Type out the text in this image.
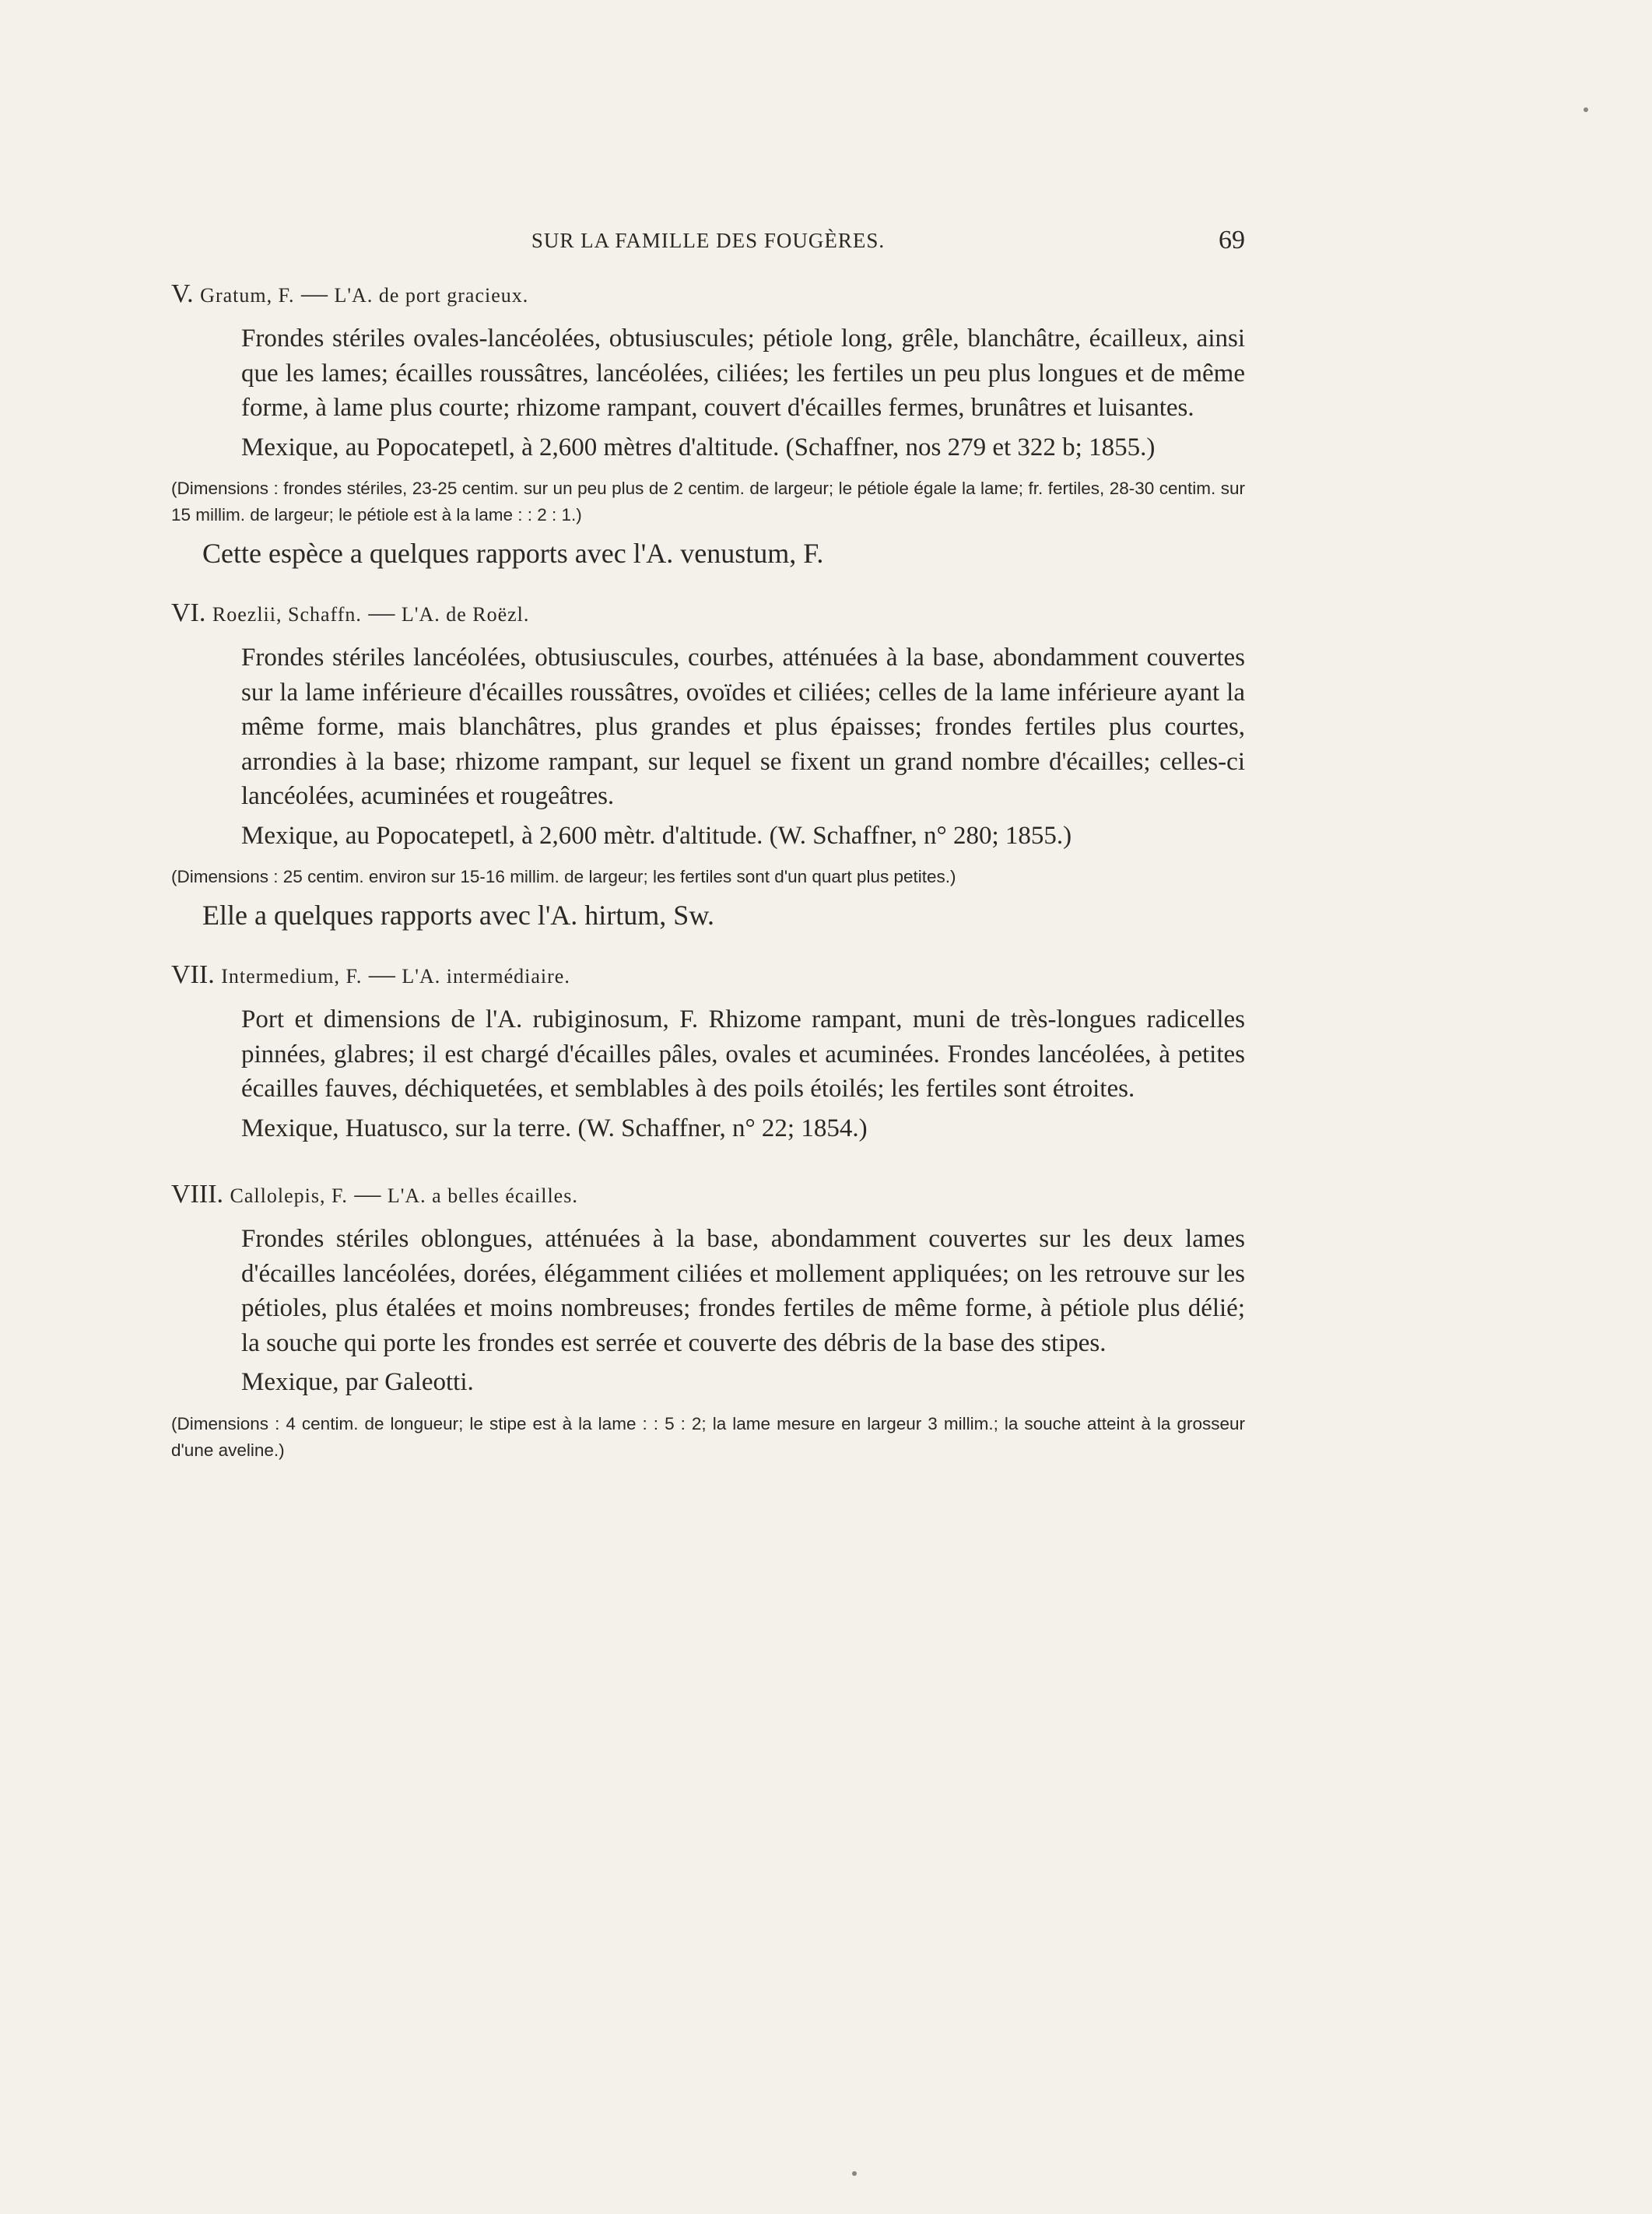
SUR LA FAMILLE DES FOUGÈRES.	69
V. Gratum, F. — L'A. de port gracieux.

Frondes stériles ovales-lancéolées, obtusiuscules; pétiole long, grêle, blanchâtre, écailleux, ainsi que les lames; écailles roussâtres, lancéolées, ciliées; les fertiles un peu plus longues et de même forme, à lame plus courte; rhizome rampant, couvert d'écailles fermes, brunâtres et luisantes.

Mexique, au Popocatepetl, à 2,600 mètres d'altitude. (Schaffner, nos 279 et 322 b; 1855.)

(Dimensions : frondes stériles, 23-25 centim. sur un peu plus de 2 centim. de largeur; le pétiole égale la lame; fr. fertiles, 28-30 centim. sur 15 millim. de largeur; le pétiole est à la lame : : 2 : 1.)

Cette espèce a quelques rapports avec l'A. venustum, F.

VI. Roezlii, Schaffn. — L'A. de Roëzl.

Frondes stériles lancéolées, obtusiuscules, courbes, atténuées à la base, abondamment couvertes sur la lame inférieure d'écailles roussâtres, ovoïdes et ciliées; celles de la lame inférieure ayant la même forme, mais blanchâtres, plus grandes et plus épaisses; frondes fertiles plus courtes, arrondies à la base; rhizome rampant, sur lequel se fixent un grand nombre d'écailles; celles-ci lancéolées, acuminées et rougeâtres.

Mexique, au Popocatepetl, à 2,600 mètr. d'altitude. (W. Schaffner, n° 280; 1855.)

(Dimensions : 25 centim. environ sur 15-16 millim. de largeur; les fertiles sont d'un quart plus petites.)

Elle a quelques rapports avec l'A. hirtum, Sw.

VII. Intermedium, F. — L'A. intermédiaire.

Port et dimensions de l'A. rubiginosum, F. Rhizome rampant, muni de très-longues radicelles pinnées, glabres; il est chargé d'écailles pâles, ovales et acuminées. Frondes lancéolées, à petites écailles fauves, déchiquetées, et semblables à des poils étoilés; les fertiles sont étroites.

Mexique, Huatusco, sur la terre. (W. Schaffner, n° 22; 1854.)

VIII. Callolepis, F. — L'A. a belles écailles.

Frondes stériles oblongues, atténuées à la base, abondamment couvertes sur les deux lames d'écailles lancéolées, dorées, élégamment ciliées et mollement appliquées; on les retrouve sur les pétioles, plus étalées et moins nombreuses; frondes fertiles de même forme, à pétiole plus délié; la souche qui porte les frondes est serrée et couverte des débris de la base des stipes.

Mexique, par Galeotti.

(Dimensions : 4 centim. de longueur; le stipe est à la lame : : 5 : 2; la lame mesure en largeur 3 millim.; la souche atteint à la grosseur d'une aveline.)
